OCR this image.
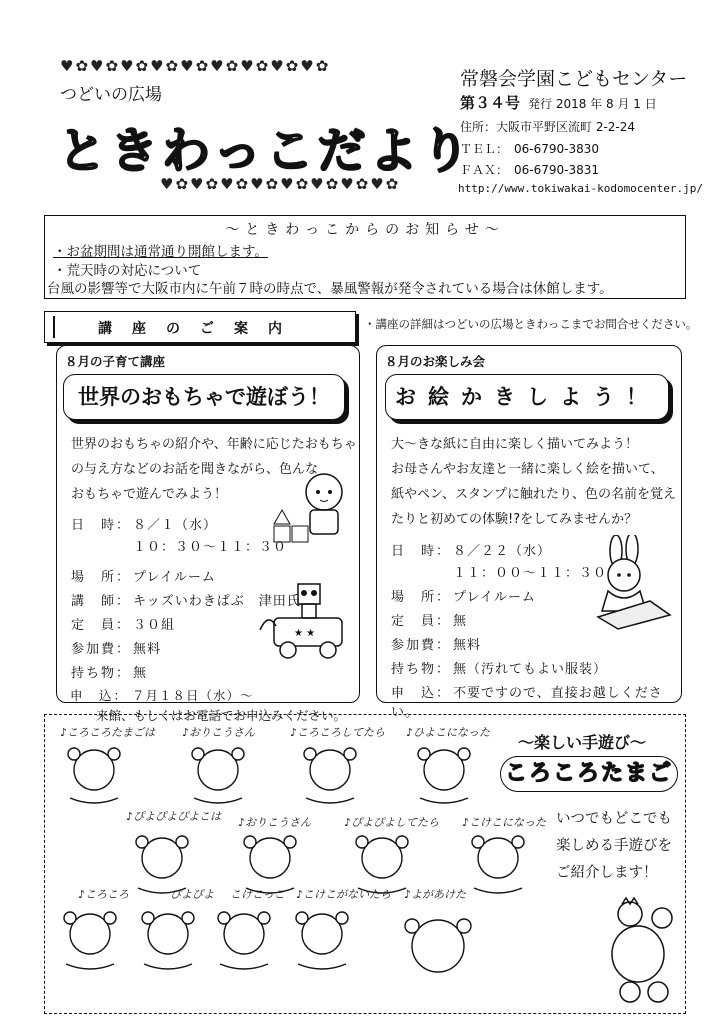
♥ ✿ ♥ ✿ ♥ ✿ ♥ ✿ ♥ ✿ ♥ ✿ ♥ ✿ ♥ ✿ ♥ ✿
つどいの広場
ときわっこだより
♥ ✿ ♥ ✿ ♥ ✿ ♥ ✿ ♥ ✿ ♥ ✿ ♥ ✿ ♥ ✿
常磐会学園こどもセンター
第３４号 発行 2018 年 8 月 1 日
住所：大阪市平野区流町 2-2-24
ＴＥＬ：　06-6790-3830
ＦＡＸ：　06-6790-3831
http://www.tokiwakai-kodomocenter.jp/
～ときわっこからのお知らせ～
・お盆期間は通常通り開館します。
・荒天時の対応について
台風の影響等で大阪市内に午前７時の時点で、暴風警報が発令されている場合は休館します。
講座のご案内	・講座の詳細はつどいの広場ときわっこまでお問合せください。
８月の子育て講座
世界のおもちゃで遊ぼう！
世界のおもちゃの紹介や、年齢に応じたおもちゃ
の与え方などのお話を聞きながら、色んな
おもちゃで遊んでみよう！
日　時： ８／１（水）
１０：３０～１１：３０
場　所： プレイルーム
講　師： キッズいわきぱぶ　津田氏
定　員： ３０組
参加費： 無料
持ち物： 無
申　込： ７月１８日（水）～
来館、もしくはお電話でお申込みください。
★ ★
８月のお楽しみ会
お絵かきしよう！
大～きな紙に自由に楽しく描いてみよう！
お母さんやお友達と一緒に楽しく絵を描いて、
紙やペン、スタンプに触れたり、色の名前を覚え
たりと初めての体験!?をしてみませんか？
日　時： ８／２２（水）
１１：００～１１：３０
場　所： プレイルーム
定　員： 無
参加費： 無料
持ち物： 無（汚れてもよい服装）
申　込： 不要ですので、直接お越しください。
～楽しい手遊び～
ころころたまご
いつでもどこでも
楽しめる手遊びを
ご紹介します！
♪ころころたまごは ♪おりこうさん	♪ころころしてたら ♪ひよこになった
♪ぴよぴよぴよこは ♪おりこうさん	♪ぴよぴよしてたら ♪こけこになった
♪ころころ	ぴよぴよ こけこっこ ♪こけこがないたら ♪よがあけた
